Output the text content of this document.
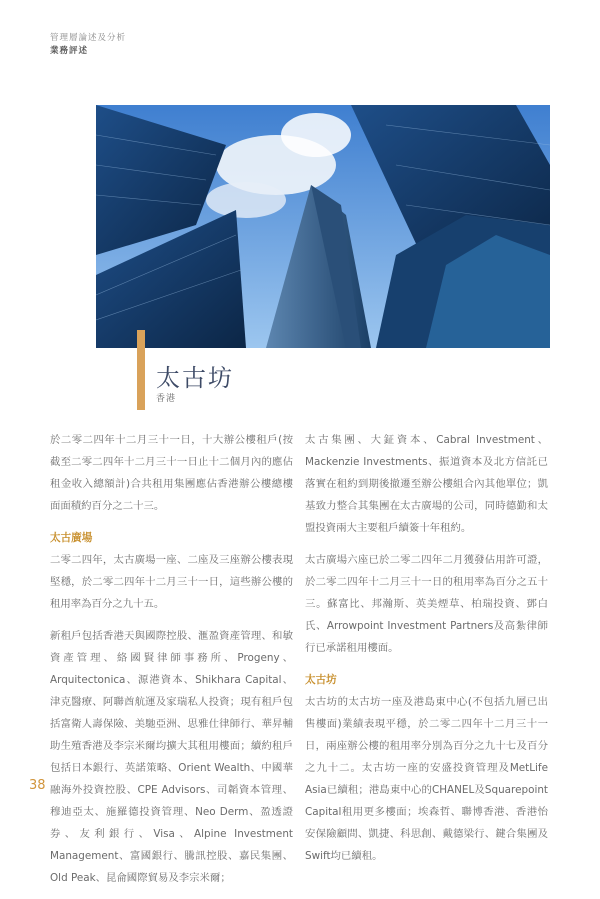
管理層論述及分析
業務評述
太古坊
香港

於二零二四年十二月三十一日，十大辦公樓租戶(按截至二零二四年十二月三十一日止十二個月內的應佔租金收入總額計)合共租用集團應佔香港辦公樓總樓面面積約百分之二十三。

太古廣場

二零二四年，太古廣場一座、二座及三座辦公樓表現堅穩，於二零二四年十二月三十一日，這些辦公樓的租用率為百分之九十五。

新租戶包括香港天與國際控股、滙盈資產管理、和敏資產管理、絡國賢律師事務所、Progeny、Arquitectonica、源港資本、Shikhara Capital、津克醫療、阿聯酋航運及家瑞私人投資；現有租戶包括富衛人壽保險、美馳亞洲、思雅仕律師行、華昇輔助生殖香港及李宗米爾均擴大其租用樓面；續約租戶包括日本銀行、英諾策略、Orient Wealth、中國華融海外投資控股、CPE Advisors、司韜資本管理、穆迪亞太、施羅德投資管理、Neo Derm、盈透證券、友利銀行、Visa、Alpine Investment Management、富國銀行、騰訊控股、嘉民集團、Old Peak、昆侖國際貿易及李宗米爾；

太古集團、大鉦資本、Cabral Investment、Mackenzie Investments、振道資本及北方信託已落實在租約到期後撤遷至辦公樓組合內其他單位；凱基致力整合其集團在太古廣場的公司，同時德勤和太盟投資兩大主要租戶續簽十年租約。

太古廣場六座已於二零二四年二月獲發佔用許可證，於二零二四年十二月三十一日的租用率為百分之五十三。蘇富比、邦瀚斯、英美煙草、柏瑞投資、鄧白氏、Arrowpoint Investment Partners及高紮律師行已承諾租用樓面。

太古坊

太古坊的太古坊一座及港島東中心(不包括九層已出售樓面)業績表現平穩，於二零二四年十二月三十一日，兩座辦公樓的租用率分別為百分之九十七及百分之九十二。太古坊一座的安盛投資管理及MetLife Asia已續租；港島東中心的CHANEL及Squarepoint Capital租用更多樓面；埃森哲、聯博香港、香港怡安保險顧問、凱捷、科思創、戴德梁行、鍵合集團及Swift均已續租。

38
